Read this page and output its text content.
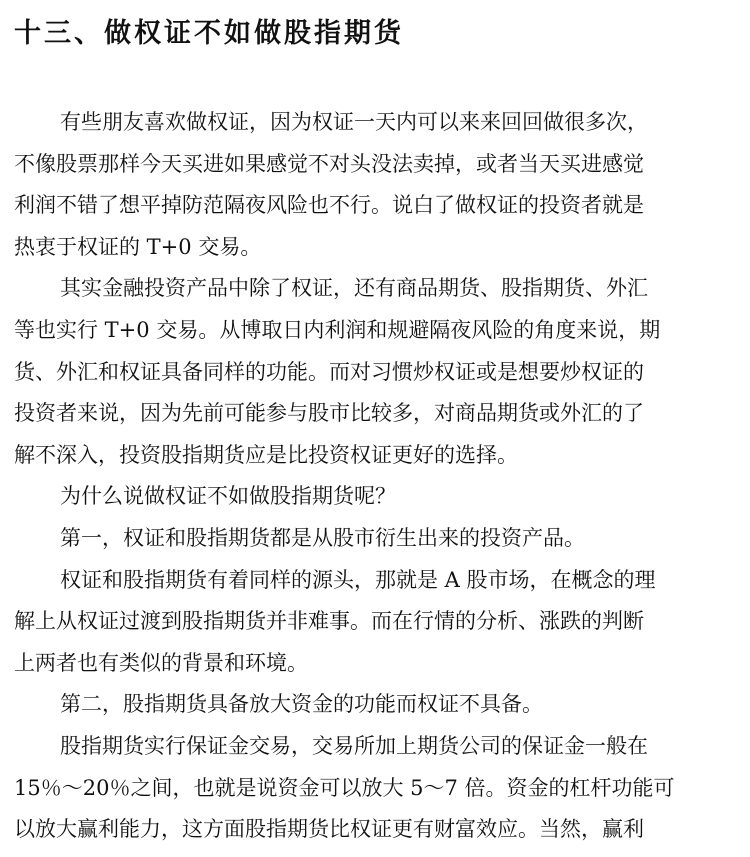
十三、做权证不如做股指期货
有些朋友喜欢做权证，因为权证一天内可以来来回回做很多次，
不像股票那样今天买进如果感觉不对头没法卖掉，或者当天买进感觉
利润不错了想平掉防范隔夜风险也不行。说白了做权证的投资者就是
热衷于权证的 T+0 交易。
其实金融投资产品中除了权证，还有商品期货、股指期货、外汇
等也实行 T+0 交易。从博取日内利润和规避隔夜风险的角度来说，期
货、外汇和权证具备同样的功能。而对习惯炒权证或是想要炒权证的
投资者来说，因为先前可能参与股市比较多，对商品期货或外汇的了
解不深入，投资股指期货应是比投资权证更好的选择。
为什么说做权证不如做股指期货呢？
第一，权证和股指期货都是从股市衍生出来的投资产品。
权证和股指期货有着同样的源头，那就是 A 股市场，在概念的理
解上从权证过渡到股指期货并非难事。而在行情的分析、涨跌的判断
上两者也有类似的背景和环境。
第二，股指期货具备放大资金的功能而权证不具备。
股指期货实行保证金交易，交易所加上期货公司的保证金一般在
15％～20％之间，也就是说资金可以放大 5～7 倍。资金的杠杆功能可
以放大赢利能力，这方面股指期货比权证更有财富效应。当然，赢利
